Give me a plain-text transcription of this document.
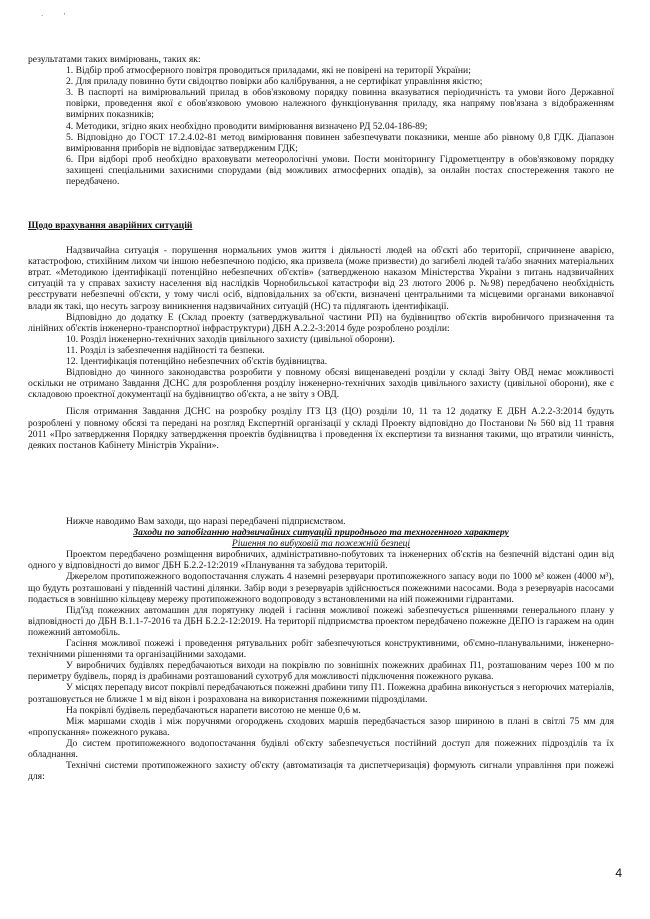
·	'

результатами таких вимірювань, таких як:

1. Відбір проб атмосферного повітря проводиться приладами, які не повірені на території України;

2. Для приладу повинно бути свідоцтво повірки або калібрування, а не сертифікат управління якістю;

3. В паспорті на вимірювальний прилад в обов'язковому порядку повинна вказуватися періодичність та умови його Державної повірки, проведення якої є обов'язковою умовою належного функціонування приладу, яка напряму пов'язана з відображенням вимірних показників;

4. Методики, згідно яких необхідно проводити вимірювання визначено РД 52.04-186-89;

5. Відповідно до ГОСТ 17.2.4.02-81 метод вимірювання повинен забезпечувати показники, менше або рівному 0,8 ГДК. Діапазон вимірювання приборів не відповідає затвердженим ГДК;

6. При відборі проб необхідно враховувати метеорологічні умови. Пости моніторингу Гідрометцентру в обов'язковому порядку захищені спеціальними захисними спорудами (від можливих атмосферних опадів), за онлайн постах спостереження такого не передбачено.

Щодо врахування аварійних ситуацій

Надзвичайна ситуація - порушення нормальних умов життя і діяльності людей на об'єкті або території, спричинене аварією, катастрофою, стихійним лихом чи іншою небезпечною подією, яка призвела (може призвести) до загибелі людей та/або значних матеріальних втрат. «Методикою ідентифікації потенційно небезпечних об'єктів» (затвердженою наказом Міністерства України з питань надзвичайних ситуацій та у справах захисту населення від наслідків Чорнобильської катастрофи від 23 лютого 2006 р. №98) передбачено необхідність реєструвати небезпечні об'єкти, у тому числі осіб, відповідальних за об'єкти, визначені центральними та місцевими органами виконавчої влади як такі, що несуть загрозу виникнення надзвичайних ситуацій (НС) та підлягають ідентифікації.

Відповідно до додатку Е (Склад проекту (затверджувальної частини РП) на будівництво об'єктів виробничого призначення та лінійних об'єктів інженерно-транспортної інфраструктури) ДБН А.2.2-3:2014 буде розроблено розділи:

10. Розділ інженерно-технічних заходів цивільного захисту (цивільної оборони).

11. Розділ із забезпечення надійності та безпеки.

12. Ідентифікація потенційно небезпечних об'єктів будівництва.

Відповідно до чинного законодавства розробити у повному обсязі вищенаведені розділи у складі Звіту ОВД немає можливості оскільки не отримано Завдання ДСНС для розроблення розділу інженерно-технічних заходів цивільного захисту (цивільної оборони), яке є складовою проектної документації на будівництво об'єкта, а не звіту з ОВД.

Після отримання Завдання ДСНС на розробку розділу ІТЗ ЦЗ (ЦО) розділи 10, 11 та 12 додатку Е ДБН А.2.2-3:2014 будуть розроблені у повному обсязі та передані на розгляд Експертній організації у складі Проекту відповідно до Постанови № 560 від 11 травня 2011 «Про затвердження Порядку затвердження проектів будівництва і проведення їх експертизи та визнання такими, що втратили чинність, деяких постанов Кабінету Міністрів України».

Нижче наводимо Вам заходи, що наразі передбачені підприємством.

Заходи по запобіганню надзвичайних ситуацій природнього та техногенного характеру

Рішення по вибуховій та пожежній безпеці

Проектом передбачено розміщення виробничих, адміністративно-побутових та інженерних об'єктів на безпечній відстані один від одного у відповідності до вимог ДБН Б.2.2-12:2019 «Планування та забудова територій.

Джерелом протипожежного водопостачання служать 4 наземні резервуари протипожежного запасу води по 1000 м³ кожен (4000 м³), що будуть розташовані у південній частині ділянки. Забір води з резервуарів здійснюється пожежними насосами. Вода з резервуарів насосами подається в зовнішню кільцеву мережу протипожежного водопроводу з встановленими на ній пожежними гідрантами.

Під'їзд пожежних автомашин для порятунку людей і гасіння можливої пожежі забезпечується рішеннями генерального плану у відповідності до ДБН В.1.1-7-2016 та ДБН Б.2.2-12:2019. На території підприємства проектом передбачено пожежне ДЕПО із гаражем на один пожежний автомобіль.

Гасіння можливої пожежі і проведення рятувальних робіт забезпечуються конструктивними, об'ємно-планувальними, інженерно-технічними рішеннями та організаційними заходами.

У виробничих будівлях передбачаються виходи на покрівлю по зовнішніх пожежних драбинах П1, розташованим через 100 м по периметру будівель, поряд із драбинами розташований сухотруб для можливості підключення пожежного рукава.

У місцях перепаду висот покрівлі передбачаються пожежні драбини типу П1. Пожежна драбина виконується з негорючих матеріалів, розташовується не ближче 1 м від вікон і розрахована на використання пожежними підрозділами.

На покрівлі будівель передбачаються нарапети висотою не менше 0,6 м.

Між маршами сходів і між поручнями огороджень сходових маршів передбачається зазор шириною в плані в світлі 75 мм для «пропускання» пожежного рукава.

До систем протипожежного водопостачання будівлі об'єкту забезпечується постійний доступ для пожежних підрозділів та їх обладнання.

Технічні системи протипожежного захисту об'єкту (автоматизація та диспетчеризація) формують сигнали управління при пожежі для:

4
